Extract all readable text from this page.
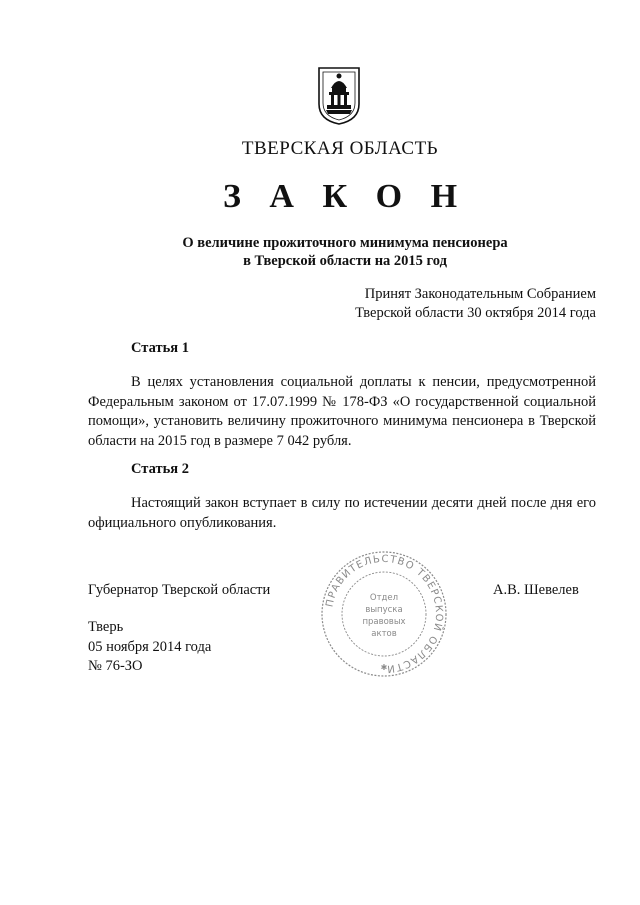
ТВЕРСКАЯ ОБЛАСТЬ
З А К О Н
О величине прожиточного минимума пенсионера
в Тверской области на 2015 год
Принят Законодательным Собранием
Тверской области 30 октября 2014 года
Статья 1
В целях установления социальной доплаты к пенсии, предусмотренной Федеральным законом от 17.07.1999 № 178-ФЗ «О государственной социальной помощи», установить величину прожиточного минимума пенсионера в Тверской области на 2015 год в размере 7 042 рубля.
Статья 2
Настоящий закон вступает в силу по истечении десяти дней после дня его официального опубликования.
Губернатор Тверской области
ПРАВИТЕЛЬСТВО ТВЕРСКОЙ ОБЛАСТИ
Отдел
выпуска
правовых
актов
✱
А.В. Шевелев
Тверь
05 ноября 2014 года
№ 76-ЗО
